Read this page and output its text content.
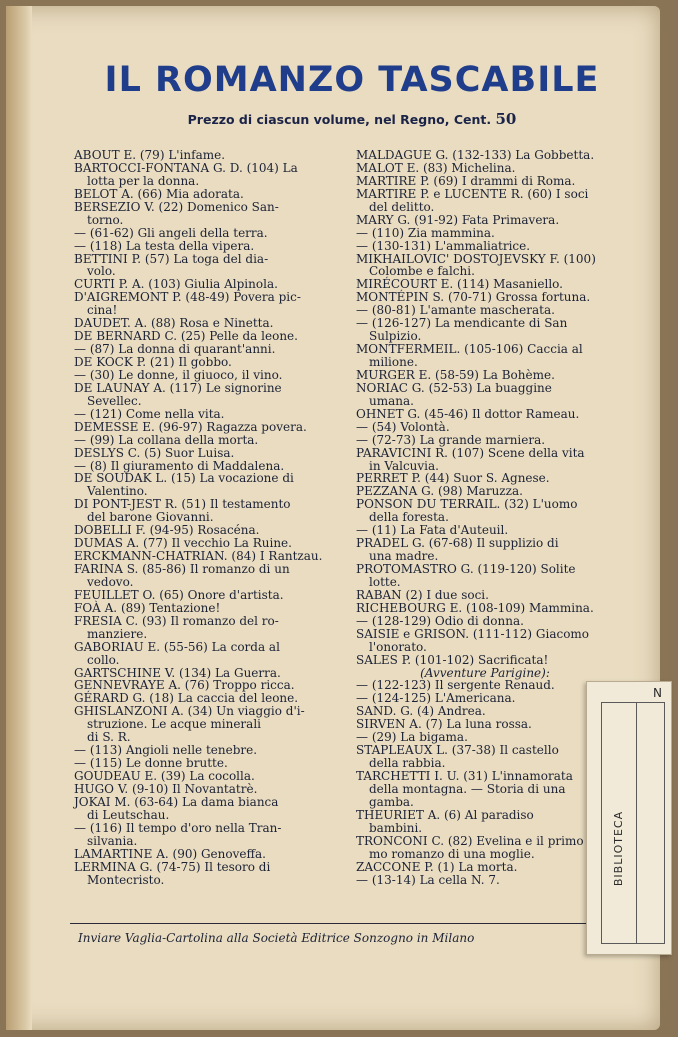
IL ROMANZO TASCABILE
Prezzo di ciascun volume, nel Regno, Cent. 50
ABOUT E. (79) L'infame.
BARTOCCI-FONTANA G. D. (104) La
lotta per la donna.
BELOT A. (66) Mia adorata.
BERSEZIO V. (22) Domenico San-
torno.
— (61-62) Gli angeli della terra.
— (118) La testa della vipera.
BETTINI P. (57) La toga del dia-
volo.
CURTI P. A. (103) Giulia Alpinola.
D'AIGREMONT P. (48-49) Povera pic-
cina!
DAUDET. A. (88) Rosa e Ninetta.
DE BERNARD C. (25) Pelle da leone.
— (87) La donna di quarant'anni.
DE KOCK P. (21) Il gobbo.
— (30) Le donne, il giuoco, il vino.
DE LAUNAY A. (117) Le signorine
Sevellec.
— (121) Come nella vita.
DEMESSE E. (96-97) Ragazza povera.
— (99) La collana della morta.
DESLYS C. (5) Suor Luisa.
— (8) Il giuramento di Maddalena.
DE SOUDAK L. (15) La vocazione di
Valentino.
DI PONT-JEST R. (51) Il testamento
del barone Giovanni.
DOBELLI F. (94-95) Rosacéna.
DUMAS A. (77) Il vecchio La Ruine.
ERCKMANN-CHATRIAN. (84) I Rantzau.
FARINA S. (85-86) Il romanzo di un
vedovo.
FEUILLET O. (65) Onore d'artista.
FOÀ A. (89) Tentazione!
FRESIA C. (93) Il romanzo del ro-
manziere.
GABORIAU E. (55-56) La corda al
collo.
GARTSCHINE V. (134) La Guerra.
GENNEVRAYE A. (76) Troppo ricca.
GÉRARD G. (18) La caccia del leone.
GHISLANZONI A. (34) Un viaggio d'i-
struzione. Le acque minerali
di S. R.
— (113) Angioli nelle tenebre.
— (115) Le donne brutte.
GOUDEAU E. (39) La cocolla.
HUGO V. (9-10) Il Novantatrè.
JOKAI M. (63-64) La dama bianca
di Leutschau.
— (116) Il tempo d'oro nella Tran-
silvania.
LAMARTINE A. (90) Genoveffa.
LERMINA G. (74-75) Il tesoro di
Montecristo.
MALDAGUE G. (132-133) La Gobbetta.
MALOT E. (83) Michelina.
MARTIRE P. (69) I drammi di Roma.
MARTIRE P. e LUCENTE R. (60) I soci
del delitto.
MARY G. (91-92) Fata Primavera.
— (110) Zia mammina.
— (130-131) L'ammaliatrice.
MIKHAILOVIC' DOSTOJEVSKY F. (100)
Colombe e falchi.
MIRÉCOURT E. (114) Masaniello.
MONTÉPIN S. (70-71) Grossa fortuna.
— (80-81) L'amante mascherata.
— (126-127) La mendicante di San
Sulpizio.
MONTFERMEIL. (105-106) Caccia al
milione.
MURGER E. (58-59) La Bohème.
NORIAC G. (52-53) La buaggine
umana.
OHNET G. (45-46) Il dottor Rameau.
— (54) Volontà.
— (72-73) La grande marniera.
PARAVICINI R. (107) Scene della vita
in Valcuvia.
PERRET P. (44) Suor S. Agnese.
PEZZANA G. (98) Maruzza.
PONSON DU TERRAIL. (32) L'uomo
della foresta.
— (11) La Fata d'Auteuil.
PRADEL G. (67-68) Il supplizio di
una madre.
PROTOMASTRO G. (119-120) Solite
lotte.
RABAN (2) I due soci.
RICHEBOURG E. (108-109) Mammina.
— (128-129) Odio di donna.
SAISIE e GRISON. (111-112) Giacomo
l'onorato.
SALES P. (101-102) Sacrificata!
(Avventure Parigine):
— (122-123) Il sergente Renaud.
— (124-125) L'Americana.
SAND. G. (4) Andrea.
SIRVEN A. (7) La luna rossa.
— (29) La bigama.
STAPLEAUX L. (37-38) Il castello
della rabbia.
TARCHETTI I. U. (31) L'innamorata
della montagna. — Storia di una
gamba.
THEURIET A. (6) Al paradiso
bambini.
TRONCONI C. (82) Evelina e il primo
mo romanzo di una moglie.
ZACCONE P. (1) La morta.
— (13-14) La cella N. 7.
Inviare Vaglia-Cartolina alla Società Editrice Sonzogno in Milano
N
BIBLIOTECA
